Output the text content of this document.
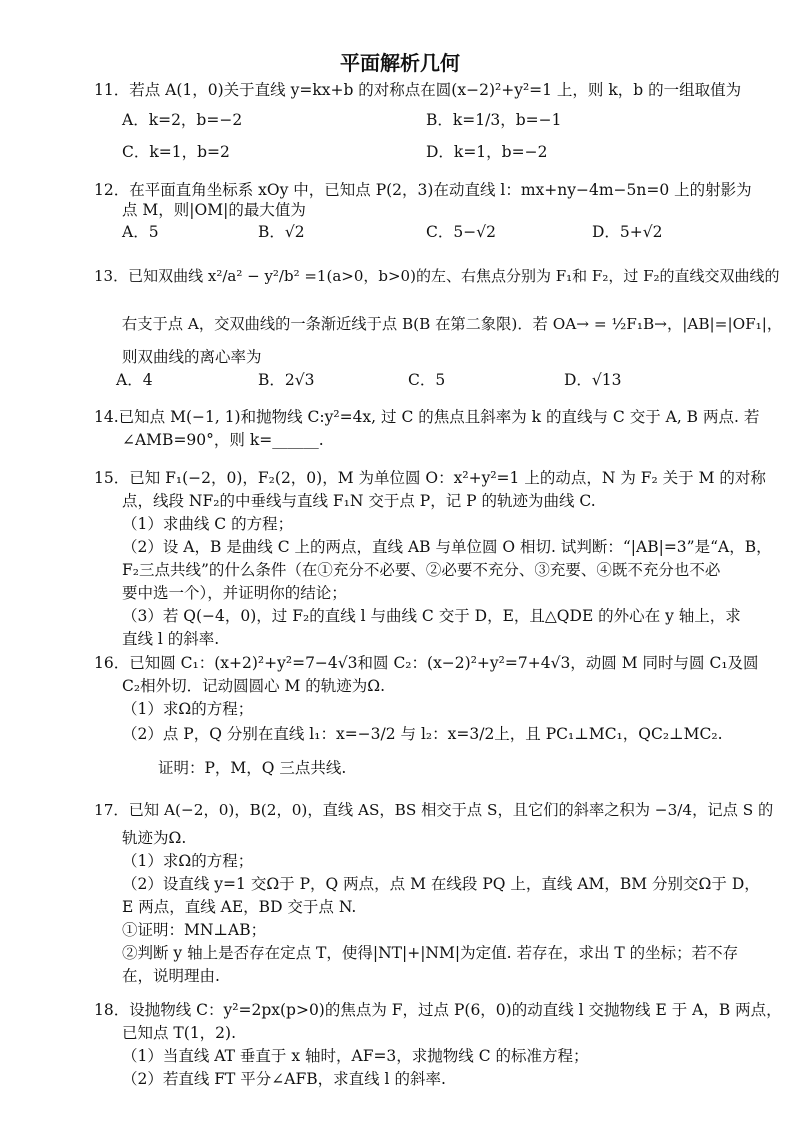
平面解析几何
11．若点 A(1，0)关于直线 y=kx+b 的对称点在圆(x−2)²+y²=1 上，则 k，b 的一组取值为
A．k=2，b=−2	B．k=1/3，b=−1
C．k=1，b=2	D．k=1，b=−2
12．在平面直角坐标系 xOy 中，已知点 P(2，3)在动直线 l：mx+ny−4m−5n=0 上的射影为
点 M，则|OM|的最大值为
A．5	B．√2	C．5−√2	D．5+√2
13．已知双曲线 x²/a² − y²/b² =1(a>0，b>0)的左、右焦点分别为 F₁和 F₂，过 F₂的直线交双曲线的
右支于点 A，交双曲线的一条渐近线于点 B(B 在第二象限)．若 OA→ = ½F₁B→，|AB|=|OF₁|，
则双曲线的离心率为
A．4	B．2√3	C．5	D．√13
14.已知点 M(−1, 1)和抛物线 C:y²=4x, 过 C 的焦点且斜率为 k 的直线与 C 交于 A, B 两点. 若
∠AMB=90°，则 k=______.
15．已知 F₁(−2，0)，F₂(2，0)，M 为单位圆 O：x²+y²=1 上的动点，N 为 F₂ 关于 M 的对称
点，线段 NF₂的中垂线与直线 F₁N 交于点 P，记 P 的轨迹为曲线 C.
（1）求曲线 C 的方程；
（2）设 A，B 是曲线 C 上的两点，直线 AB 与单位圆 O 相切. 试判断：“|AB|=3”是“A，B，
F₂三点共线”的什么条件（在①充分不必要、②必要不充分、③充要、④既不充分也不必
要中选一个），并证明你的结论；
（3）若 Q(−4，0)，过 F₂的直线 l 与曲线 C 交于 D，E，且△QDE 的外心在 y 轴上，求
直线 l 的斜率.
16．已知圆 C₁：(x+2)²+y²=7−4√3和圆 C₂：(x−2)²+y²=7+4√3，动圆 M 同时与圆 C₁及圆
C₂相外切．记动圆圆心 M 的轨迹为Ω.
（1）求Ω的方程；
（2）点 P，Q 分别在直线 l₁：x=−3/2 与 l₂：x=3/2上，且 PC₁⊥MC₁，QC₂⊥MC₂.
证明：P，M，Q 三点共线.
17．已知 A(−2，0)，B(2，0)，直线 AS，BS 相交于点 S，且它们的斜率之积为 −3/4，记点 S 的
轨迹为Ω.
（1）求Ω的方程；
（2）设直线 y=1 交Ω于 P，Q 两点，点 M 在线段 PQ 上，直线 AM，BM 分别交Ω于 D，
E 两点，直线 AE，BD 交于点 N.
①证明：MN⊥AB；
②判断 y 轴上是否存在定点 T，使得|NT|+|NM|为定值. 若存在，求出 T 的坐标；若不存
在，说明理由.
18．设抛物线 C：y²=2px(p>0)的焦点为 F，过点 P(6，0)的动直线 l 交抛物线 E 于 A，B 两点，
已知点 T(1，2).
（1）当直线 AT 垂直于 x 轴时，AF=3，求抛物线 C 的标准方程；
（2）若直线 FT 平分∠AFB，求直线 l 的斜率.
